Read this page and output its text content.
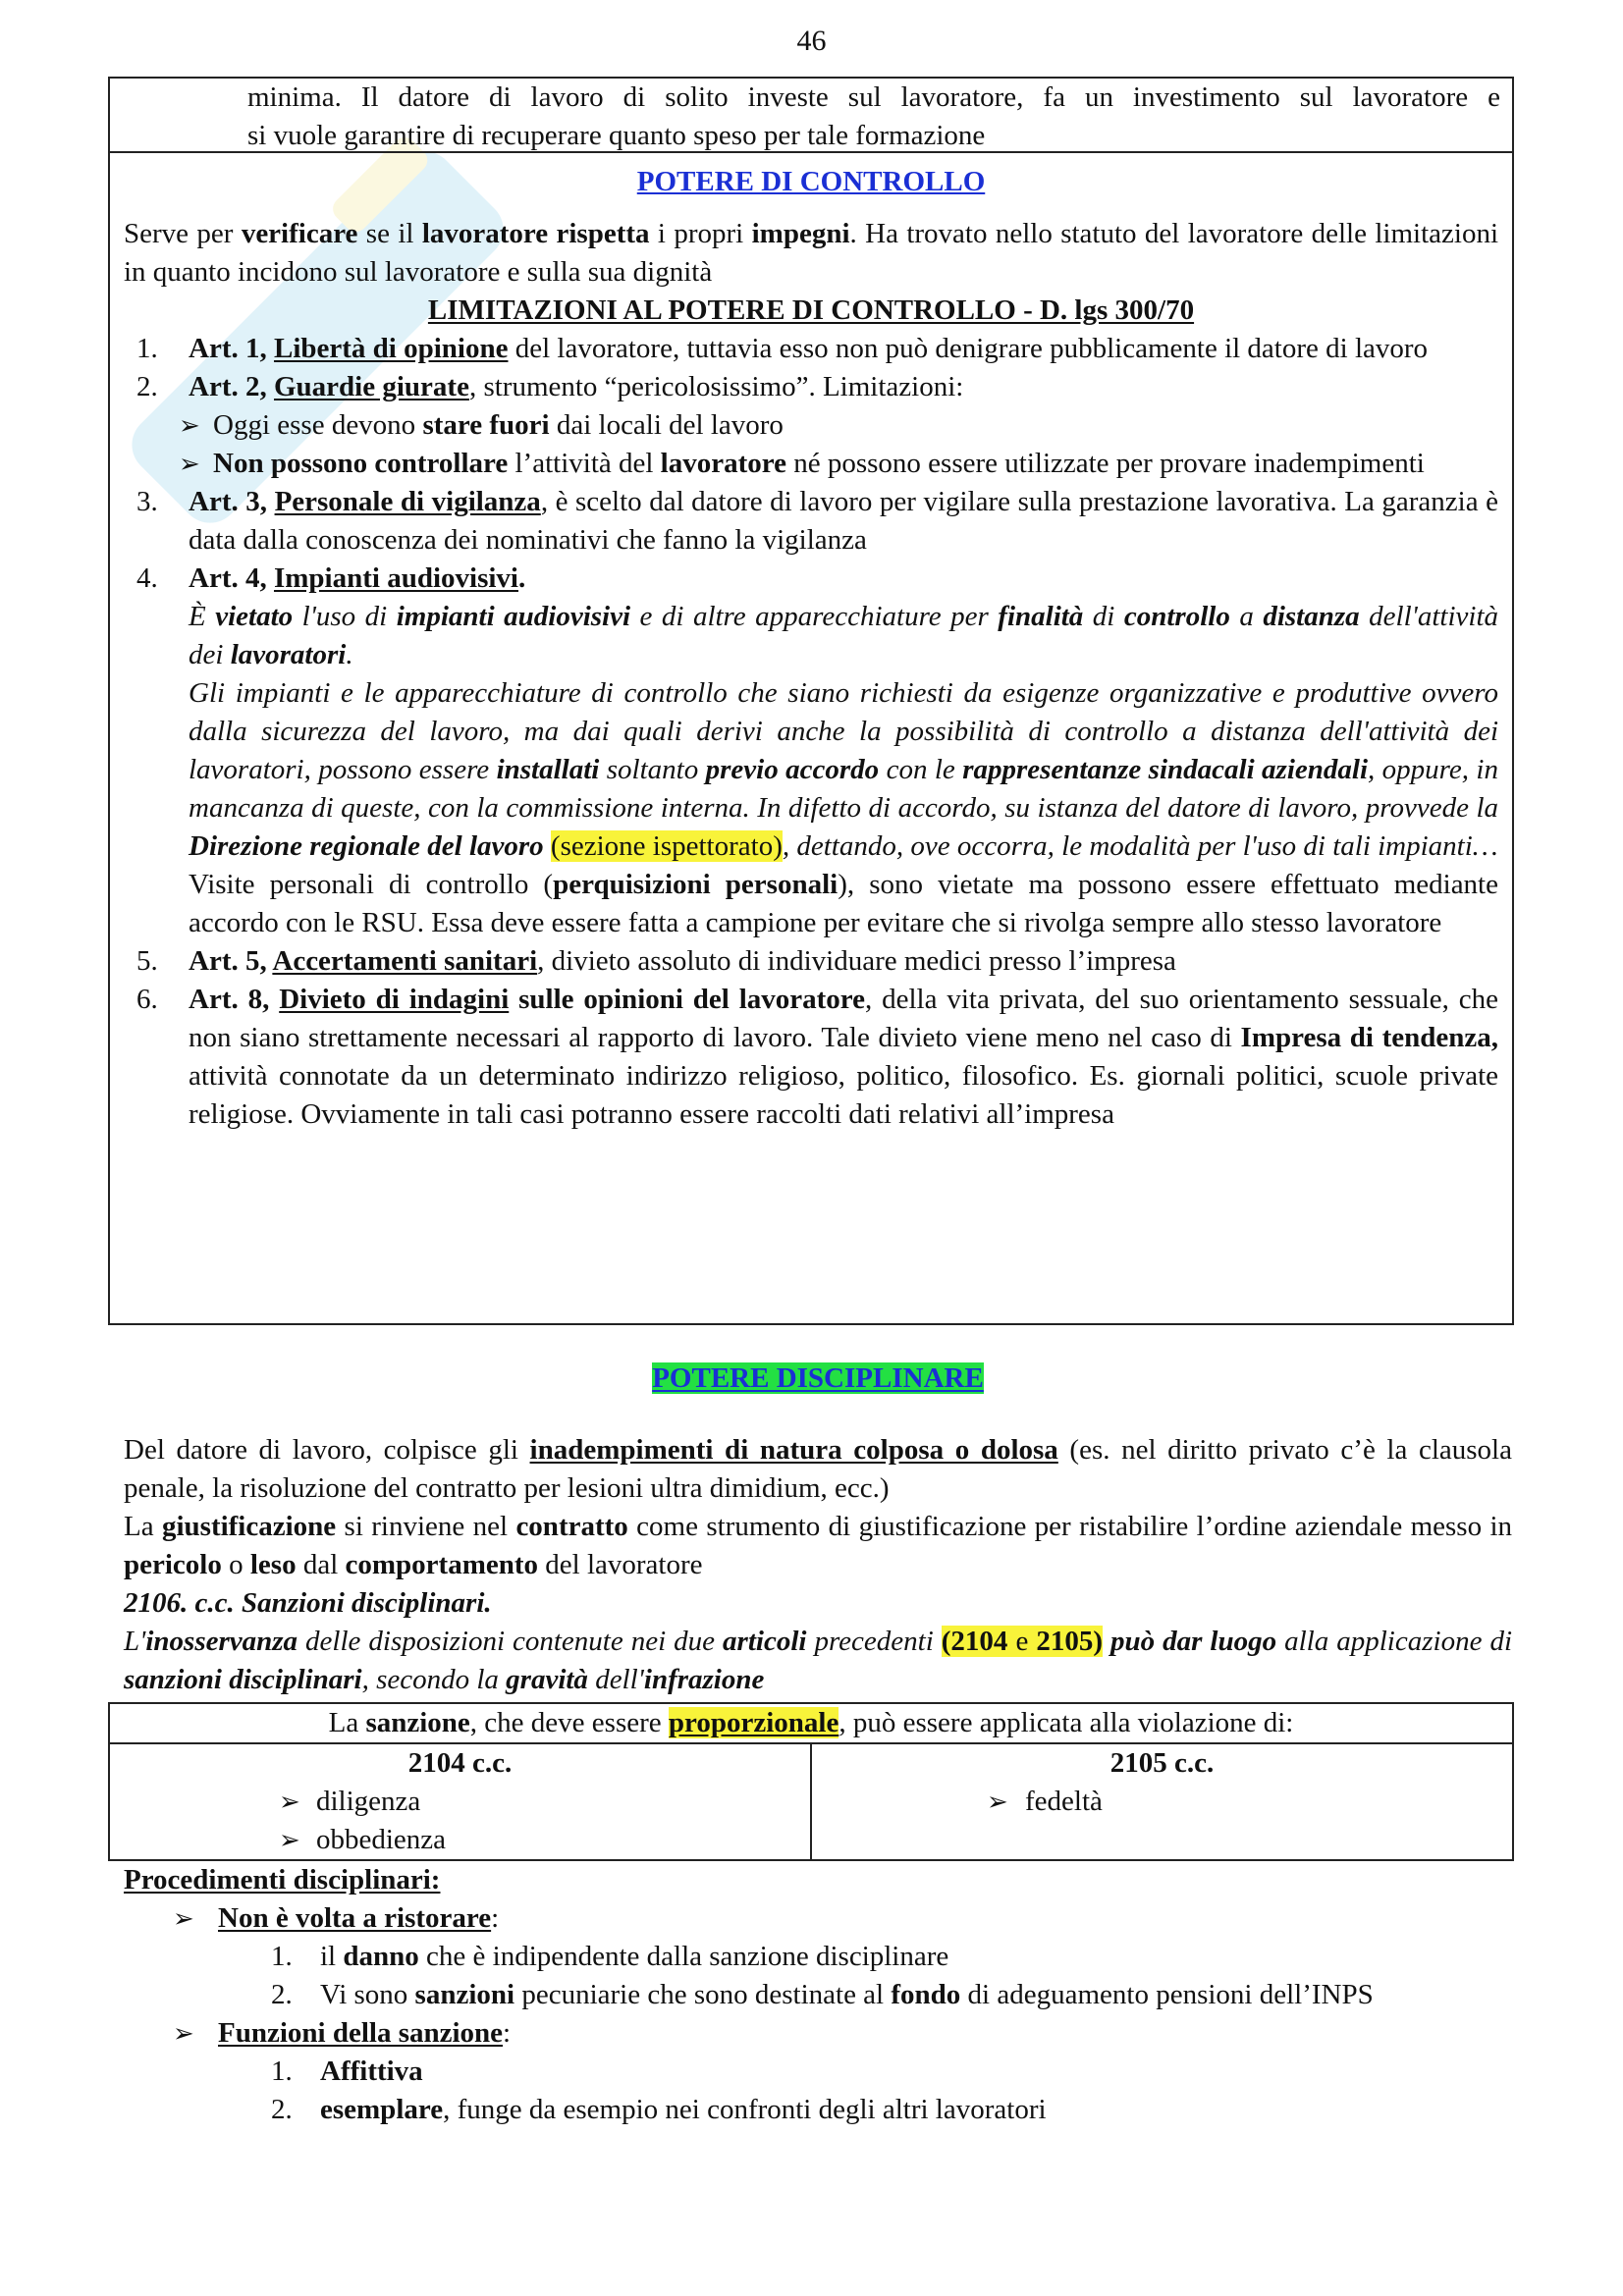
46
minima. Il datore di lavoro di solito investe sul lavoratore, fa un investimento sul lavoratore e
si vuole garantire di recuperare quanto speso per tale formazione
POTERE DI CONTROLLO

Serve per verificare se il lavoratore rispetta i propri impegni. Ha trovato nello statuto del lavoratore delle limitazioni in quanto incidono sul lavoratore e sulla sua dignità

LIMITAZIONI AL POTERE DI CONTROLLO - D. lgs 300/70
1. Art. 1, Libertà di opinione del lavoratore, tuttavia esso non può denigrare pubblicamente il datore di lavoro
2. Art. 2, Guardie giurate, strumento “pericolosissimo”. Limitazioni:
➢ Oggi esse devono stare fuori dai locali del lavoro
➢ Non possono controllare l’attività del lavoratore né possono essere utilizzate per provare inadempimenti
3. Art. 3, Personale di vigilanza, è scelto dal datore di lavoro per vigilare sulla prestazione lavorativa. La garanzia è data dalla conoscenza dei nominativi che fanno la vigilanza
4. Art. 4, Impianti audiovisivi.
È vietato l'uso di impianti audiovisivi e di altre apparecchiature per finalità di controllo a distanza dell'attività dei lavoratori.
Gli impianti e le apparecchiature di controllo che siano richiesti da esigenze organizzative e produttive ovvero dalla sicurezza del lavoro, ma dai quali derivi anche la possibilità di controllo a distanza dell'attività dei lavoratori, possono essere installati soltanto previo accordo con le rappresentanze sindacali aziendali, oppure, in mancanza di queste, con la commissione interna. In difetto di accordo, su istanza del datore di lavoro, provvede la Direzione regionale del lavoro (sezione ispettorato), dettando, ove occorra, le modalità per l'uso di tali impianti…
Visite personali di controllo (perquisizioni personali), sono vietate ma possono essere effettuato mediante accordo con le RSU. Essa deve essere fatta a campione per evitare che si rivolga sempre allo stesso lavoratore
5. Art. 5, Accertamenti sanitari, divieto assoluto di individuare medici presso l’impresa
6. Art. 8, Divieto di indagini sulle opinioni del lavoratore, della vita privata, del suo orientamento sessuale, che non siano strettamente necessari al rapporto di lavoro. Tale divieto viene meno nel caso di Impresa di tendenza, attività connotate da un determinato indirizzo religioso, politico, filosofico. Es. giornali politici, scuole private religiose. Ovviamente in tali casi potranno essere raccolti dati relativi all’impresa
POTERE DISCIPLINARE

Del datore di lavoro, colpisce gli inadempimenti di natura colposa o dolosa (es. nel diritto privato c’è la clausola penale, la risoluzione del contratto per lesioni ultra dimidium, ecc.)

La giustificazione si rinviene nel contratto come strumento di giustificazione per ristabilire l’ordine aziendale messo in pericolo o leso dal comportamento del lavoratore

2106. c.c. Sanzioni disciplinari.

L'inosservanza delle disposizioni contenute nei due articoli precedenti (2104 e 2105) può dar luogo alla applicazione di sanzioni disciplinari, secondo la gravità dell'infrazione

La sanzione, che deve essere proporzionale, può essere applicata alla violazione di:

2104 c.c.
➢ diligenza
➢ obbedienza

2105 c.c.
➢ fedeltà
Procedimenti disciplinari:
➢ Non è volta a ristorare:
1. il danno che è indipendente dalla sanzione disciplinare
2. Vi sono sanzioni pecuniarie che sono destinate al fondo di adeguamento pensioni dell’INPS
➢ Funzioni della sanzione:
1. Affittiva
2. esemplare, funge da esempio nei confronti degli altri lavoratori
